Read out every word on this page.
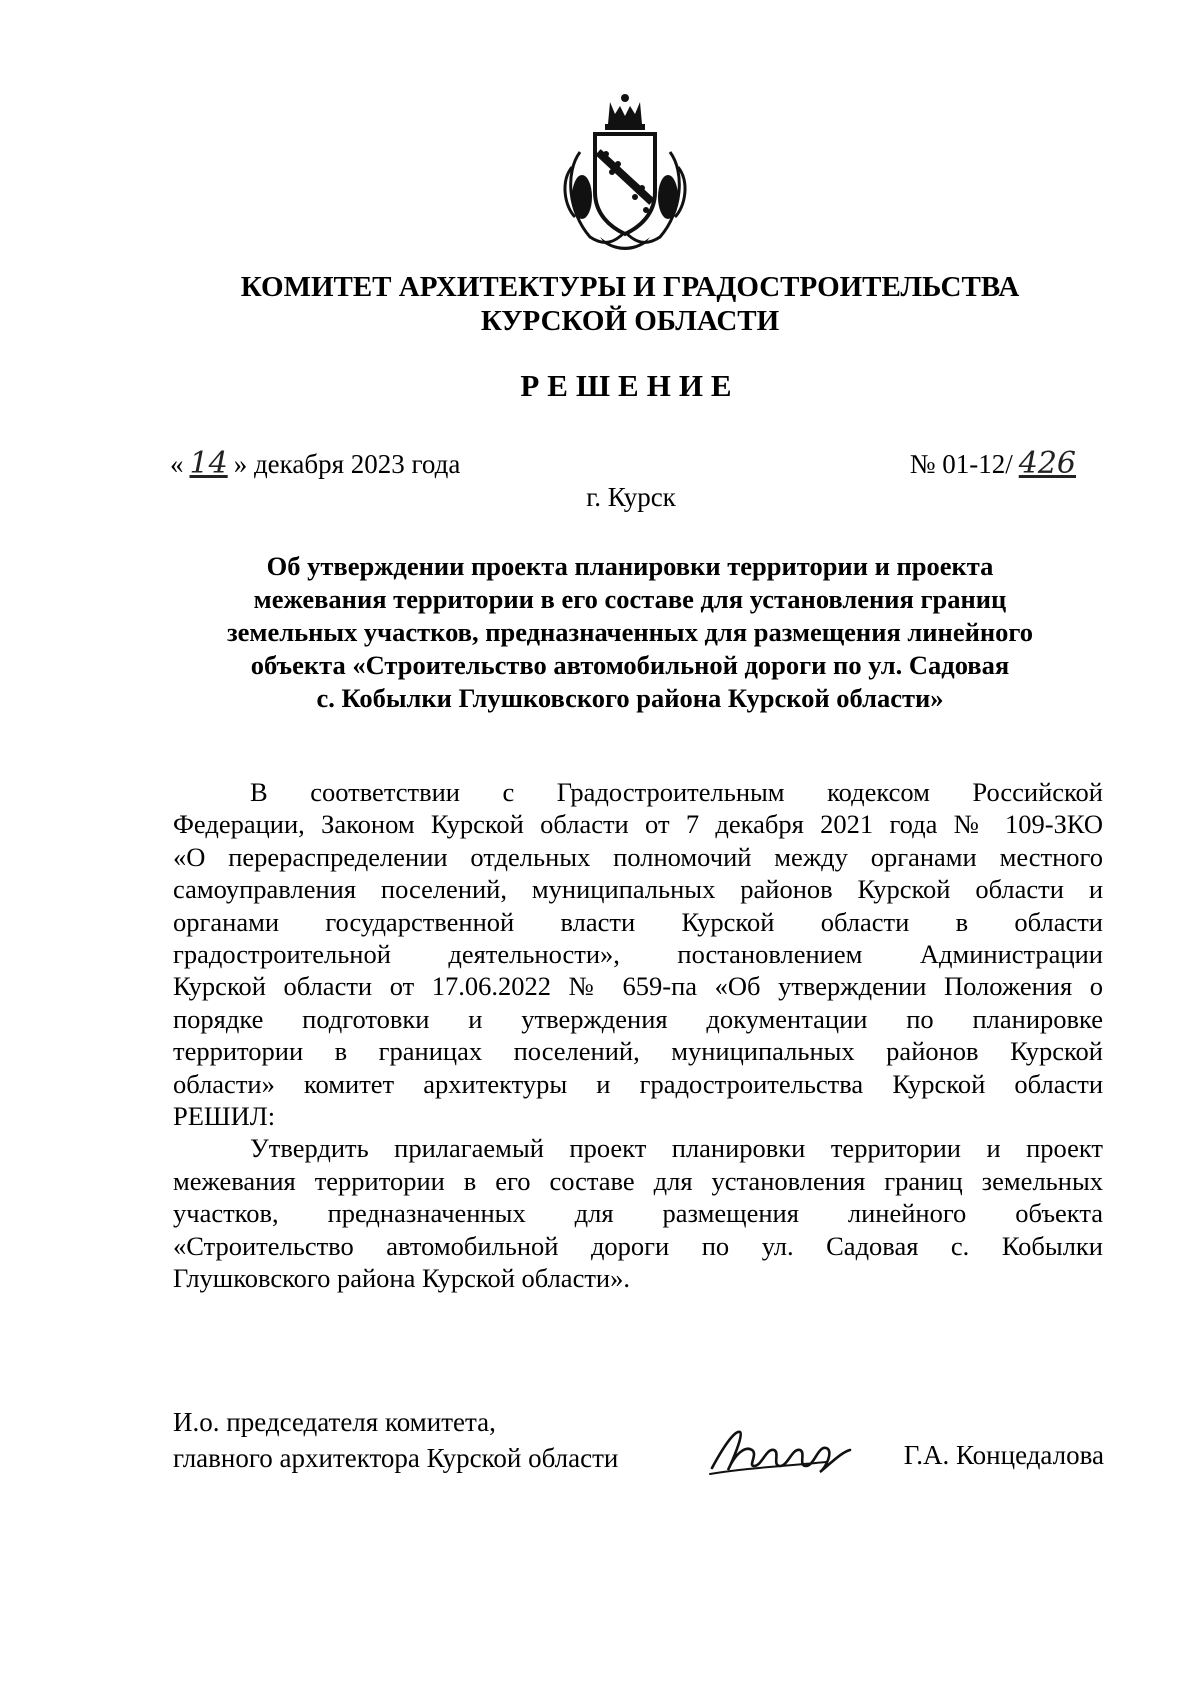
КОМИТЕТ АРХИТЕКТУРЫ И ГРАДОСТРОИТЕЛЬСТВА
КУРСКОЙ ОБЛАСТИ
РЕШЕНИЕ
« 14 » декабря 2023 года	№ 01-12/ 426
г. Курск
Об утверждении проекта планировки территории и проекта
межевания территории в его составе для установления границ
земельных участков, предназначенных для размещения линейного
объекта «Строительство автомобильной дороги по ул. Садовая
с. Кобылки Глушковского района Курской области»
В соответствии с Градостроительным кодексом Российской
Федерации, Законом Курской области от 7 декабря 2021 года № 109-ЗКО
«О перераспределении отдельных полномочий между органами местного
самоуправления поселений, муниципальных районов Курской области и
органами государственной власти Курской области в области
градостроительной деятельности», постановлением Администрации
Курской области от 17.06.2022 № 659-па «Об утверждении Положения о
порядке подготовки и утверждения документации по планировке
территории в границах поселений, муниципальных районов Курской
области» комитет архитектуры и градостроительства Курской области
РЕШИЛ:
Утвердить прилагаемый проект планировки территории и проект
межевания территории в его составе для установления границ земельных
участков, предназначенных для размещения линейного объекта
«Строительство автомобильной дороги по ул. Садовая с. Кобылки
Глушковского района Курской области».
И.о. председателя комитета,
главного архитектора Курской области	Г.А. Концедалова
